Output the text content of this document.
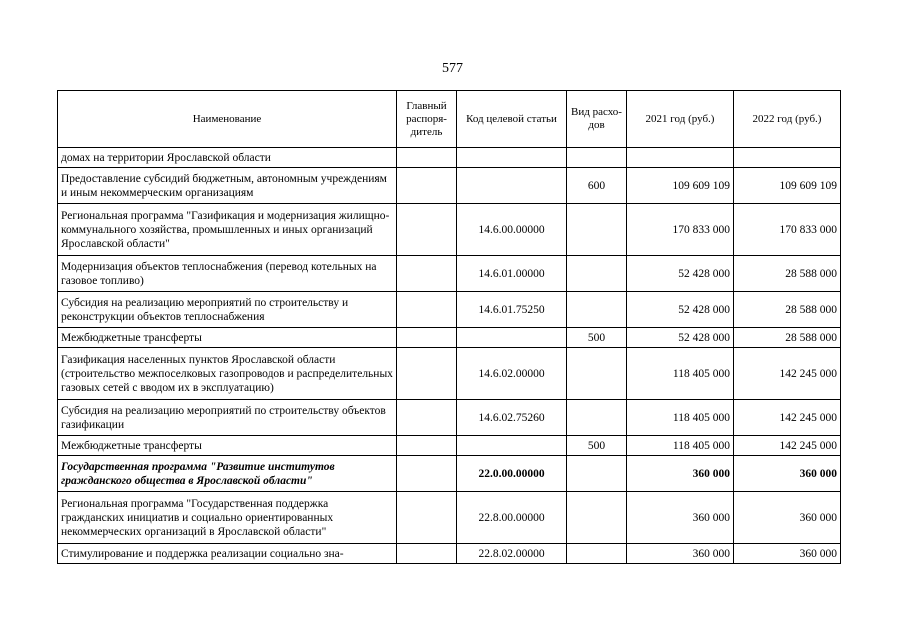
577
Наименование	Главный распоря-дитель	Код целевой статьи	Вид расхо-дов	2021 год (руб.)	2022 год (руб.)
домах на территории Ярославской области					
Предоставление субсидий бюджетным, автономным учреждениям и иным некоммерческим организациям			600	109 609 109	109 609 109
Региональная программа "Газификация и модернизация жилищно-коммунального хозяйства, промышленных и иных организаций Ярославской области"		14.6.00.00000		170 833 000	170 833 000
Модернизация объектов теплоснабжения (перевод котельных на газовое топливо)		14.6.01.00000		52 428 000	28 588 000
Субсидия на реализацию мероприятий по строительству и реконструкции объектов теплоснабжения		14.6.01.75250		52 428 000	28 588 000
Межбюджетные трансферты			500	52 428 000	28 588 000
Газификация населенных пунктов Ярославской области (строительство межпоселковых газопроводов и распределительных газовых сетей с вводом их в эксплуатацию)		14.6.02.00000		118 405 000	142 245 000
Субсидия на реализацию мероприятий по строительству объектов газификации		14.6.02.75260		118 405 000	142 245 000
Межбюджетные трансферты			500	118 405 000	142 245 000
Государственная программа "Развитие институтов гражданского общества в Ярославской области"		22.0.00.00000		360 000	360 000
Региональная программа "Государственная поддержка гражданских инициатив и социально ориентированных некоммерческих организаций в Ярославской области"		22.8.00.00000		360 000	360 000
Стимулирование и поддержка реализации социально зна-		22.8.02.00000		360 000	360 000
